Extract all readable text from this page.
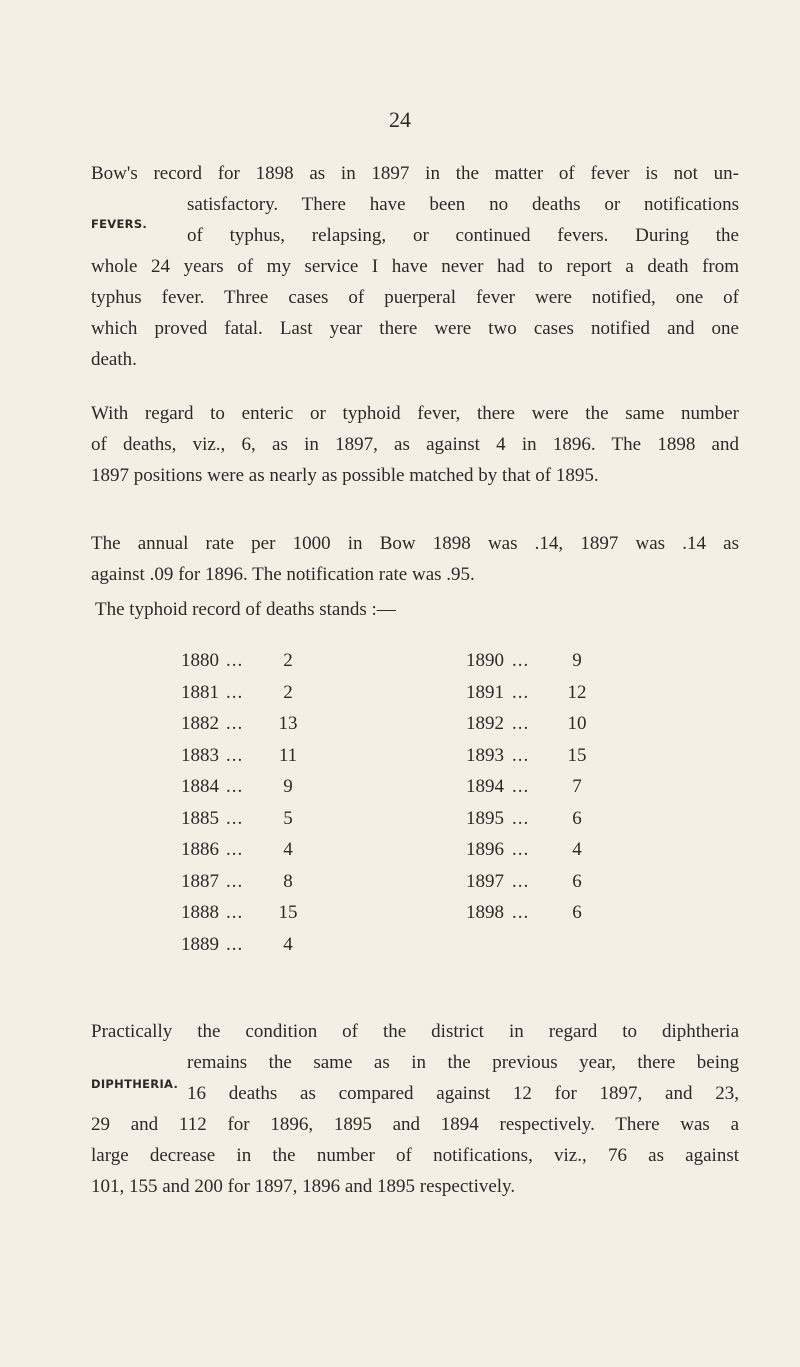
24
FEVERS.
Bow's record for 1898 as in 1897 in the matter of fever is not un-
satisfactory. There have been no deaths or notifications
of typhus, relapsing, or continued fevers. During the
whole 24 years of my service I have never had to report a death from
typhus fever. Three cases of puerperal fever were notified, one of
which proved fatal. Last year there were two cases notified and one
death.
With regard to enteric or typhoid fever, there were the same number
of deaths, viz., 6, as in 1897, as against 4 in 1896. The 1898 and
1897 positions were as nearly as possible matched by that of 1895.
The annual rate per 1000 in Bow 1898 was .14, 1897 was .14 as
against .09 for 1896. The notification rate was .95.
The typhoid record of deaths stands :—
1880 ...	2
1881 ...	2
1882 ...	13
1883 ...	11
1884 ...	9
1885 ...	5
1886 ...	4
1887 ...	8
1888 ...	15
1889 ...	4
1890 ...	9
1891 ...	12
1892 ...	10
1893 ...	15
1894 ...	7
1895 ...	6
1896 ...	4
1897 ...	6
1898 ...	6
DIPHTHERIA.
Practically the condition of the district in regard to diphtheria
remains the same as in the previous year, there being
16 deaths as compared against 12 for 1897, and 23,
29 and 112 for 1896, 1895 and 1894 respectively. There was a
large decrease in the number of notifications, viz., 76 as against
101, 155 and 200 for 1897, 1896 and 1895 respectively.
